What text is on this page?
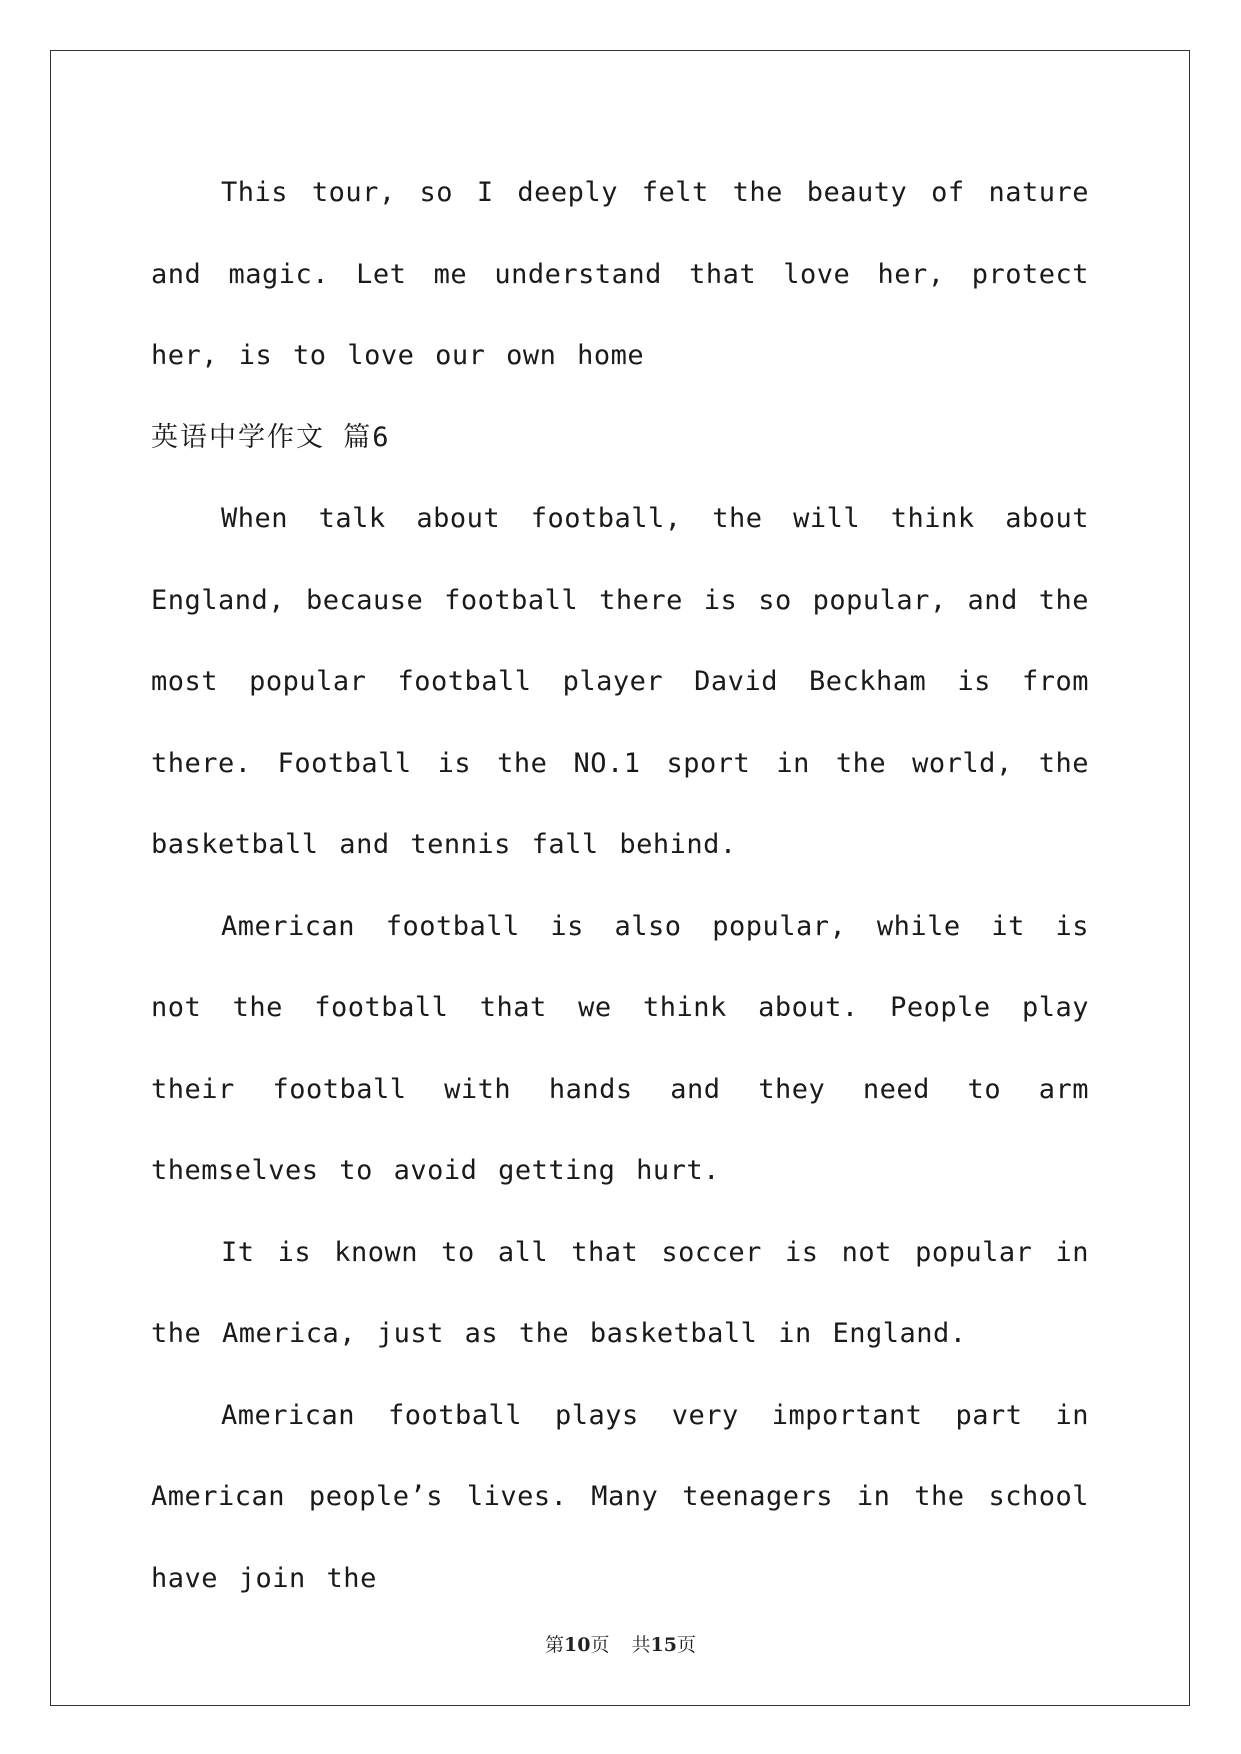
This tour, so I deeply felt the beauty of nature and magic. Let me understand that love her, protect her, is to love our own home

英语中学作文 篇6

When talk about football, the will think about England, because football there is so popular, and the most popular football player David Beckham is from there. Football is the NO.1 sport in the world, the basketball and tennis fall behind.

American football is also popular, while it is not the football that we think about. People play their football with hands and they need to arm themselves to avoid getting hurt.

It is known to all that soccer is not popular in the America, just as the basketball in England.

American football plays very important part in American people’s lives. Many teenagers in the school have join the

第10页 共15页
